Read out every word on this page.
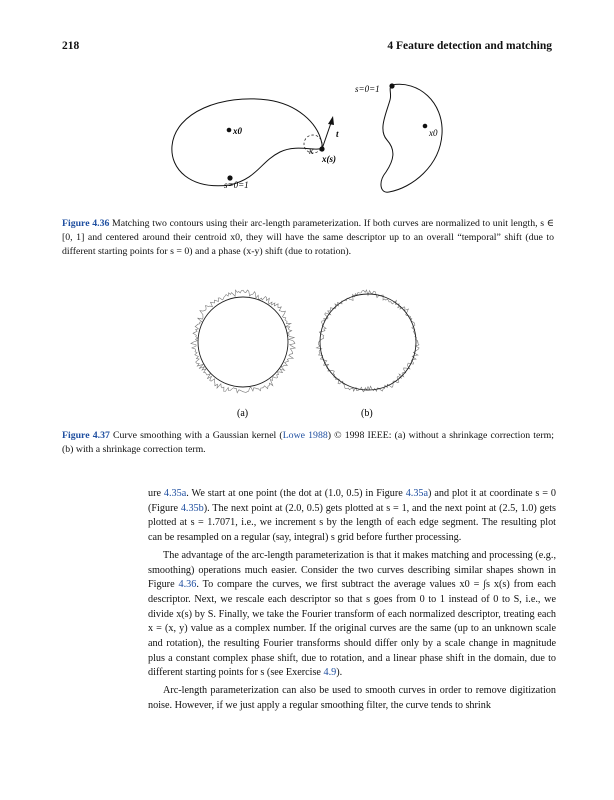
218	4 Feature detection and matching
x0	x0
t
κ
x(s)
s=0=1
s=0=1

Figure 4.36 Matching two contours using their arc-length parameterization. If both curves are normalized to unit length, s ∈ [0, 1] and centered around their centroid x0, they will have the same descriptor up to an overall “temporal” shift (due to different starting points for s = 0) and a phase (x-y) shift (due to rotation).

(a)	(b)

Figure 4.37 Curve smoothing with a Gaussian kernel (Lowe 1988) © 1998 IEEE: (a) without a shrinkage correction term; (b) with a shrinkage correction term.

ure 4.35a. We start at one point (the dot at (1.0, 0.5) in Figure 4.35a) and plot it at coordinate s = 0 (Figure 4.35b). The next point at (2.0, 0.5) gets plotted at s = 1, and the next point at (2.5, 1.0) gets plotted at s = 1.7071, i.e., we increment s by the length of each edge segment. The resulting plot can be resampled on a regular (say, integral) s grid before further processing.

The advantage of the arc-length parameterization is that it makes matching and processing (e.g., smoothing) operations much easier. Consider the two curves describing similar shapes shown in Figure 4.36. To compare the curves, we first subtract the average values x0 = ∫s x(s) from each descriptor. Next, we rescale each descriptor so that s goes from 0 to 1 instead of 0 to S, i.e., we divide x(s) by S. Finally, we take the Fourier transform of each normalized descriptor, treating each x = (x, y) value as a complex number. If the original curves are the same (up to an unknown scale and rotation), the resulting Fourier transforms should differ only by a scale change in magnitude plus a constant complex phase shift, due to rotation, and a linear phase shift in the domain, due to different starting points for s (see Exercise 4.9).

Arc-length parameterization can also be used to smooth curves in order to remove digitization noise. However, if we just apply a regular smoothing filter, the curve tends to shrink
